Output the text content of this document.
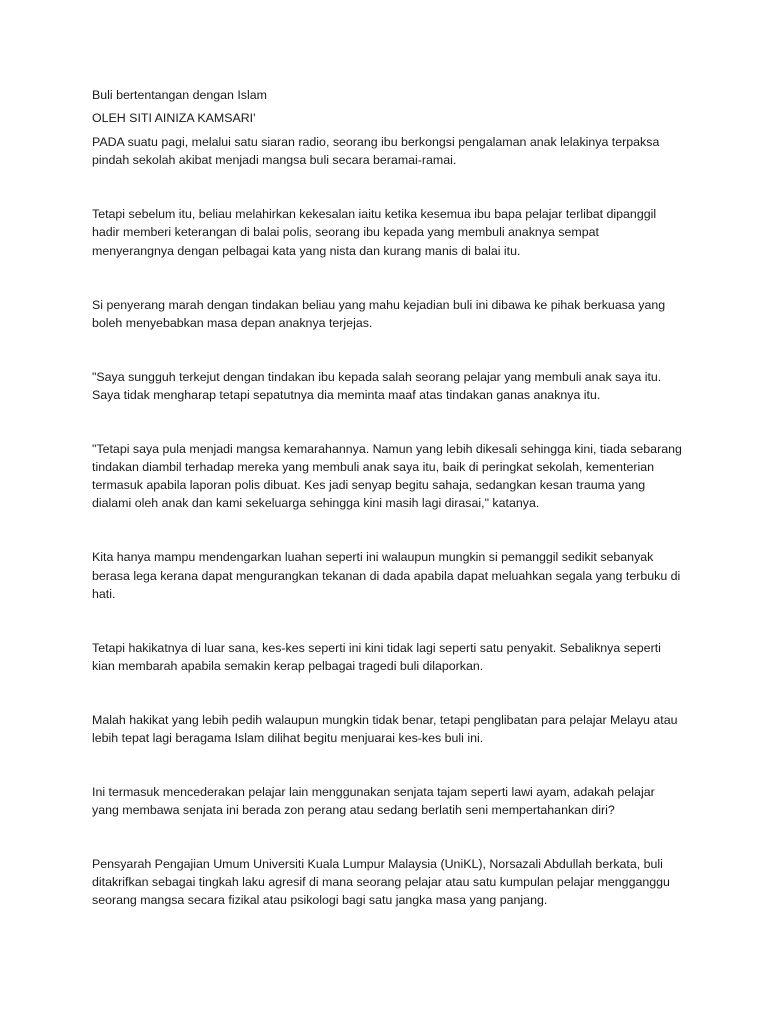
Buli bertentangan dengan Islam

OLEH SITI AINIZA KAMSARI'

PADA suatu pagi, melalui satu siaran radio, seorang ibu berkongsi pengalaman anak lelakinya terpaksa pindah sekolah akibat menjadi mangsa buli secara beramai-ramai.

Tetapi sebelum itu, beliau melahirkan kekesalan iaitu ketika kesemua ibu bapa pelajar terlibat dipanggil hadir memberi keterangan di balai polis, seorang ibu kepada yang membuli anaknya sempat menyerangnya dengan pelbagai kata yang nista dan kurang manis di balai itu.

Si penyerang marah dengan tindakan beliau yang mahu kejadian buli ini dibawa ke pihak berkuasa yang boleh menyebabkan masa depan anaknya terjejas.

"Saya sungguh terkejut dengan tindakan ibu kepada salah seorang pelajar yang membuli anak saya itu. Saya tidak mengharap tetapi sepatutnya dia meminta maaf atas tindakan ganas anaknya itu.

"Tetapi saya pula menjadi mangsa kemarahannya. Namun yang lebih dikesali sehingga kini, tiada sebarang tindakan diambil terhadap mereka yang membuli anak saya itu, baik di peringkat sekolah, kementerian termasuk apabila laporan polis dibuat. Kes jadi senyap begitu sahaja, sedangkan kesan trauma yang dialami oleh anak dan kami sekeluarga sehingga kini masih lagi dirasai," katanya.

Kita hanya mampu mendengarkan luahan seperti ini walaupun mungkin si pemanggil sedikit sebanyak berasa lega kerana dapat mengurangkan tekanan di dada apabila dapat meluahkan segala yang terbuku di hati.

Tetapi hakikatnya di luar sana, kes-kes seperti ini kini tidak lagi seperti satu penyakit. Sebaliknya seperti kian membarah apabila semakin kerap pelbagai tragedi buli dilaporkan.

Malah hakikat yang lebih pedih walaupun mungkin tidak benar, tetapi penglibatan para pelajar Melayu atau lebih tepat lagi beragama Islam dilihat begitu menjuarai kes-kes buli ini.

Ini termasuk mencederakan pelajar lain menggunakan senjata tajam seperti lawi ayam, adakah pelajar yang membawa senjata ini berada zon perang atau sedang berlatih seni mempertahankan diri?

Pensyarah Pengajian Umum Universiti Kuala Lumpur Malaysia (UniKL), Norsazali Abdullah berkata, buli ditakrifkan sebagai tingkah laku agresif di mana seorang pelajar atau satu kumpulan pelajar mengganggu seorang mangsa secara fizikal atau psikologi bagi satu jangka masa yang panjang.
